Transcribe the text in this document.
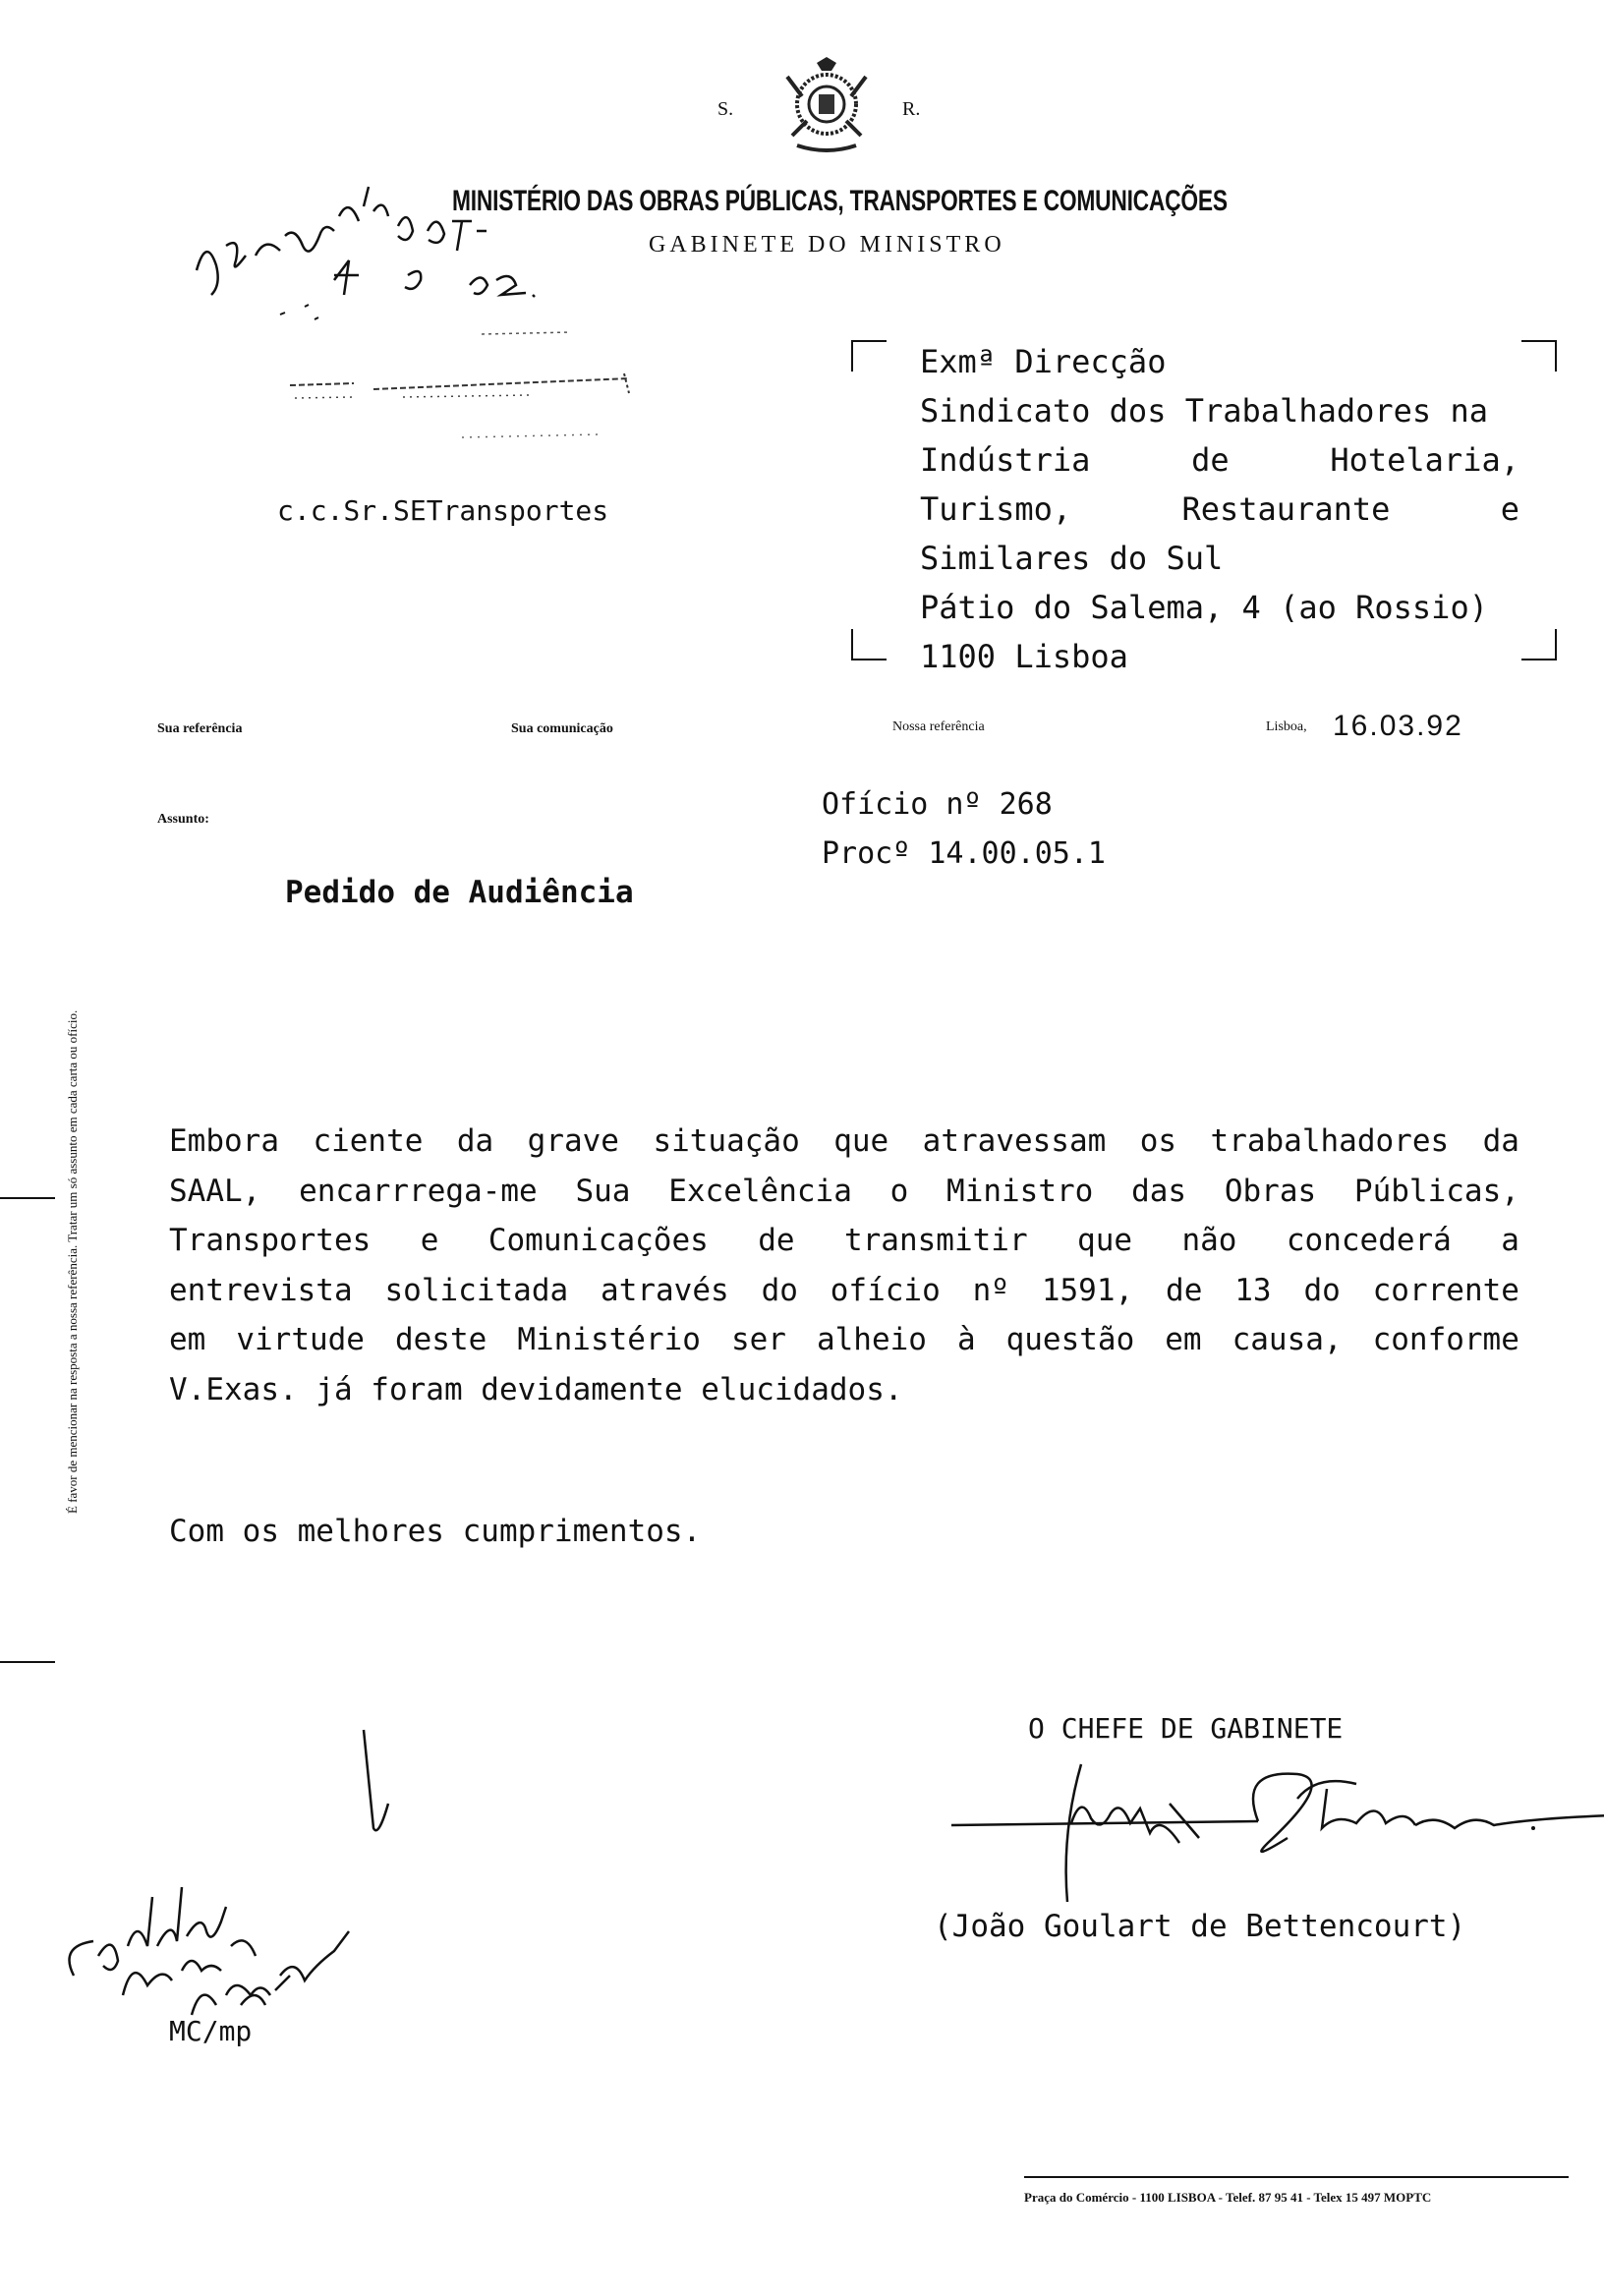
S.	R.
MINISTÉRIO DAS OBRAS PÚBLICAS, TRANSPORTES E COMUNICAÇÕES
GABINETE DO MINISTRO
c.c.Sr.SETransportes
Exmª Direcção
Sindicato dos Trabalhadores na
Indústria	de	Hotelaria,
Turismo,	Restaurante	e
Similares do Sul
Pátio do Salema, 4 (ao Rossio)
1100 Lisboa
Sua referência	Sua comunicação	Nossa referência	Lisboa, 16.03.92
Assunto:	Ofício nº 268
Procº 14.00.05.1
Pedido de Audiência
Embora ciente da grave situação que atravessam os trabalhadores da
SAAL, encarrrega-me Sua Excelência o Ministro das Obras Públicas,
Transportes e Comunicações de transmitir que não concederá a
entrevista solicitada através do ofício nº 1591, de 13 do corrente
em virtude deste Ministério ser alheio à questão em causa, conforme
V.Exas. já foram devidamente elucidados.
Com os melhores cumprimentos.
O CHEFE DE GABINETE
(João Goulart de Bettencourt)
MC/mp
É favor de mencionar na resposta a nossa referência. Tratar um só assunto em cada carta ou ofício.
Praça do Comércio - 1100 LISBOA - Telef. 87 95 41 - Telex 15 497 MOPTC
